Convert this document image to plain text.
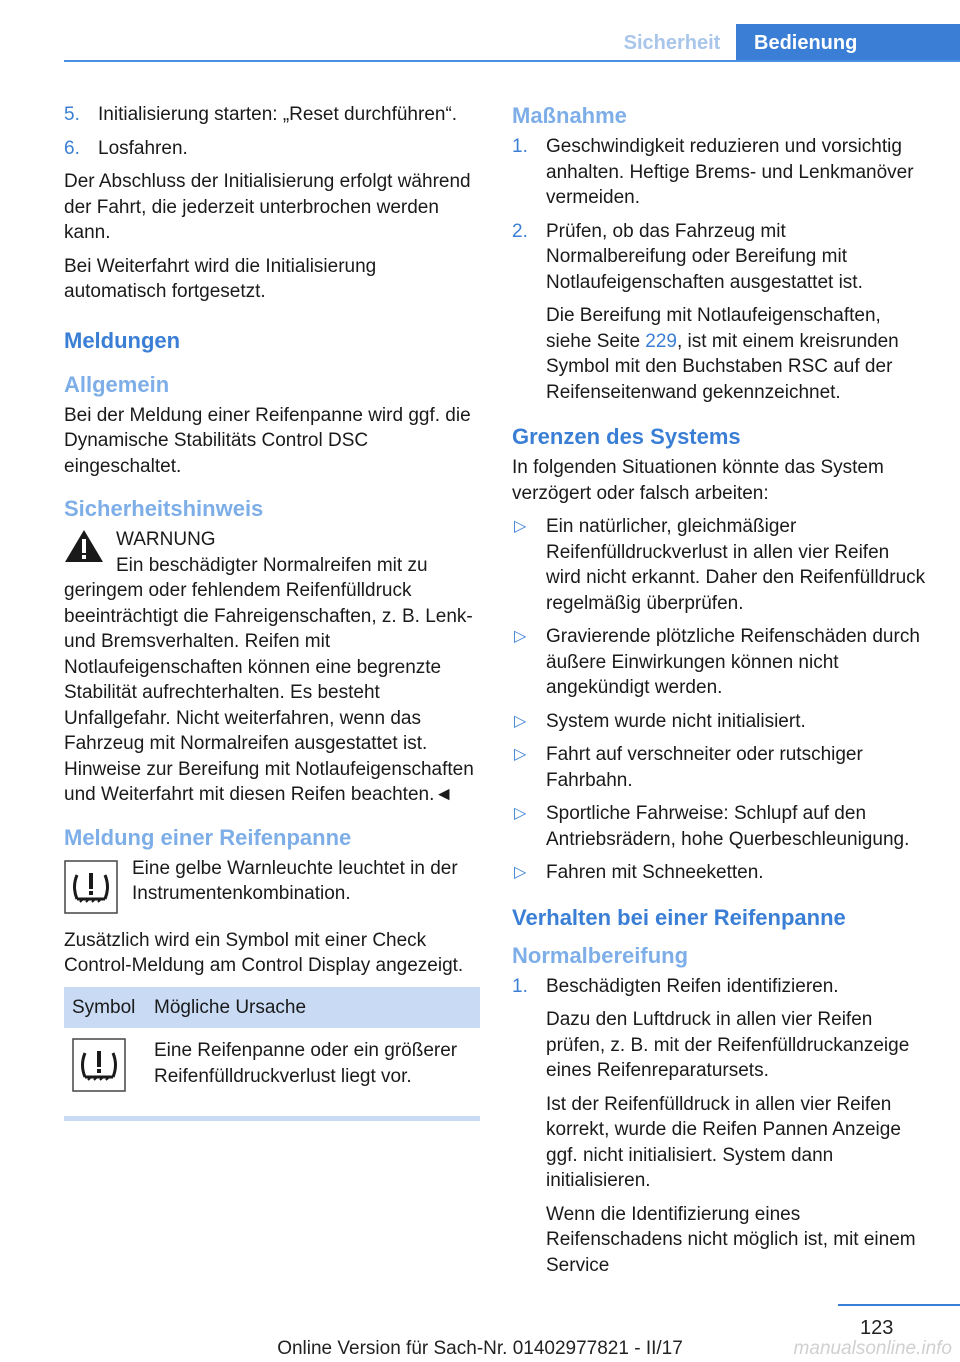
Sicherheit	Bedienung
5. Initialisierung starten: „Reset durchführen“.
6. Losfahren.

Der Abschluss der Initialisierung erfolgt während der Fahrt, die jederzeit unterbrochen werden kann.

Bei Weiterfahrt wird die Initialisierung automatisch fortgesetzt.

Meldungen
Allgemein

Bei der Meldung einer Reifenpanne wird ggf. die Dynamische Stabilitäts Control DSC eingeschaltet.

Sicherheitshinweis

WARNUNG

Ein beschädigter Normalreifen mit zu geringem oder fehlendem Reifenfülldruck beeinträchtigt die Fahreigenschaften, z. B. Lenk- und Bremsverhalten. Reifen mit Notlaufeigenschaften können eine begrenzte Stabilität aufrechterhalten. Es besteht Unfallgefahr. Nicht weiterfahren, wenn das Fahrzeug mit Normalreifen ausgestattet ist. Hinweise zur Bereifung mit Notlaufeigenschaften und Weiterfahrt mit diesen Reifen beachten.◄

Meldung einer Reifenpanne

Eine gelbe Warnleuchte leuchtet in der Instrumentenkombination.

Zusätzlich wird ein Symbol mit einer Check Control-Meldung am Control Display angezeigt.

Symbol	Mögliche Ursache
	Eine Reifenpanne oder ein größerer Reifenfülldruckverlust liegt vor.
Maßnahme
1. Geschwindigkeit reduzieren und vorsichtig anhalten. Heftige Brems- und Lenkmanöver vermeiden.
2. Prüfen, ob das Fahrzeug mit Normalbereifung oder Bereifung mit Notlaufeigenschaften ausgestattet ist.

Die Bereifung mit Notlaufeigenschaften, siehe Seite 229, ist mit einem kreisrunden Symbol mit den Buchstaben RSC auf der Reifenseitenwand gekennzeichnet.

Grenzen des Systems

In folgenden Situationen könnte das System verzögert oder falsch arbeiten:

▷ Ein natürlicher, gleichmäßiger Reifenfülldruckverlust in allen vier Reifen wird nicht erkannt. Daher den Reifenfülldruck regelmäßig überprüfen.
▷ Gravierende plötzliche Reifenschäden durch äußere Einwirkungen können nicht angekündigt werden.
▷ System wurde nicht initialisiert.
▷ Fahrt auf verschneiter oder rutschiger Fahrbahn.
▷ Sportliche Fahrweise: Schlupf auf den Antriebsrädern, hohe Querbeschleunigung.
▷ Fahren mit Schneeketten.
Verhalten bei einer Reifenpanne
Normalbereifung
1. Beschädigten Reifen identifizieren.

Dazu den Luftdruck in allen vier Reifen prüfen, z. B. mit der Reifenfülldruckanzeige eines Reifenreparatursets.

Ist der Reifenfülldruck in allen vier Reifen korrekt, wurde die Reifen Pannen Anzeige ggf. nicht initialisiert. System dann initialisieren.

Wenn die Identifizierung eines Reifenschadens nicht möglich ist, mit einem Service

123
Online Version für Sach-Nr. 01402977821 - II/17	manualsonline.info
